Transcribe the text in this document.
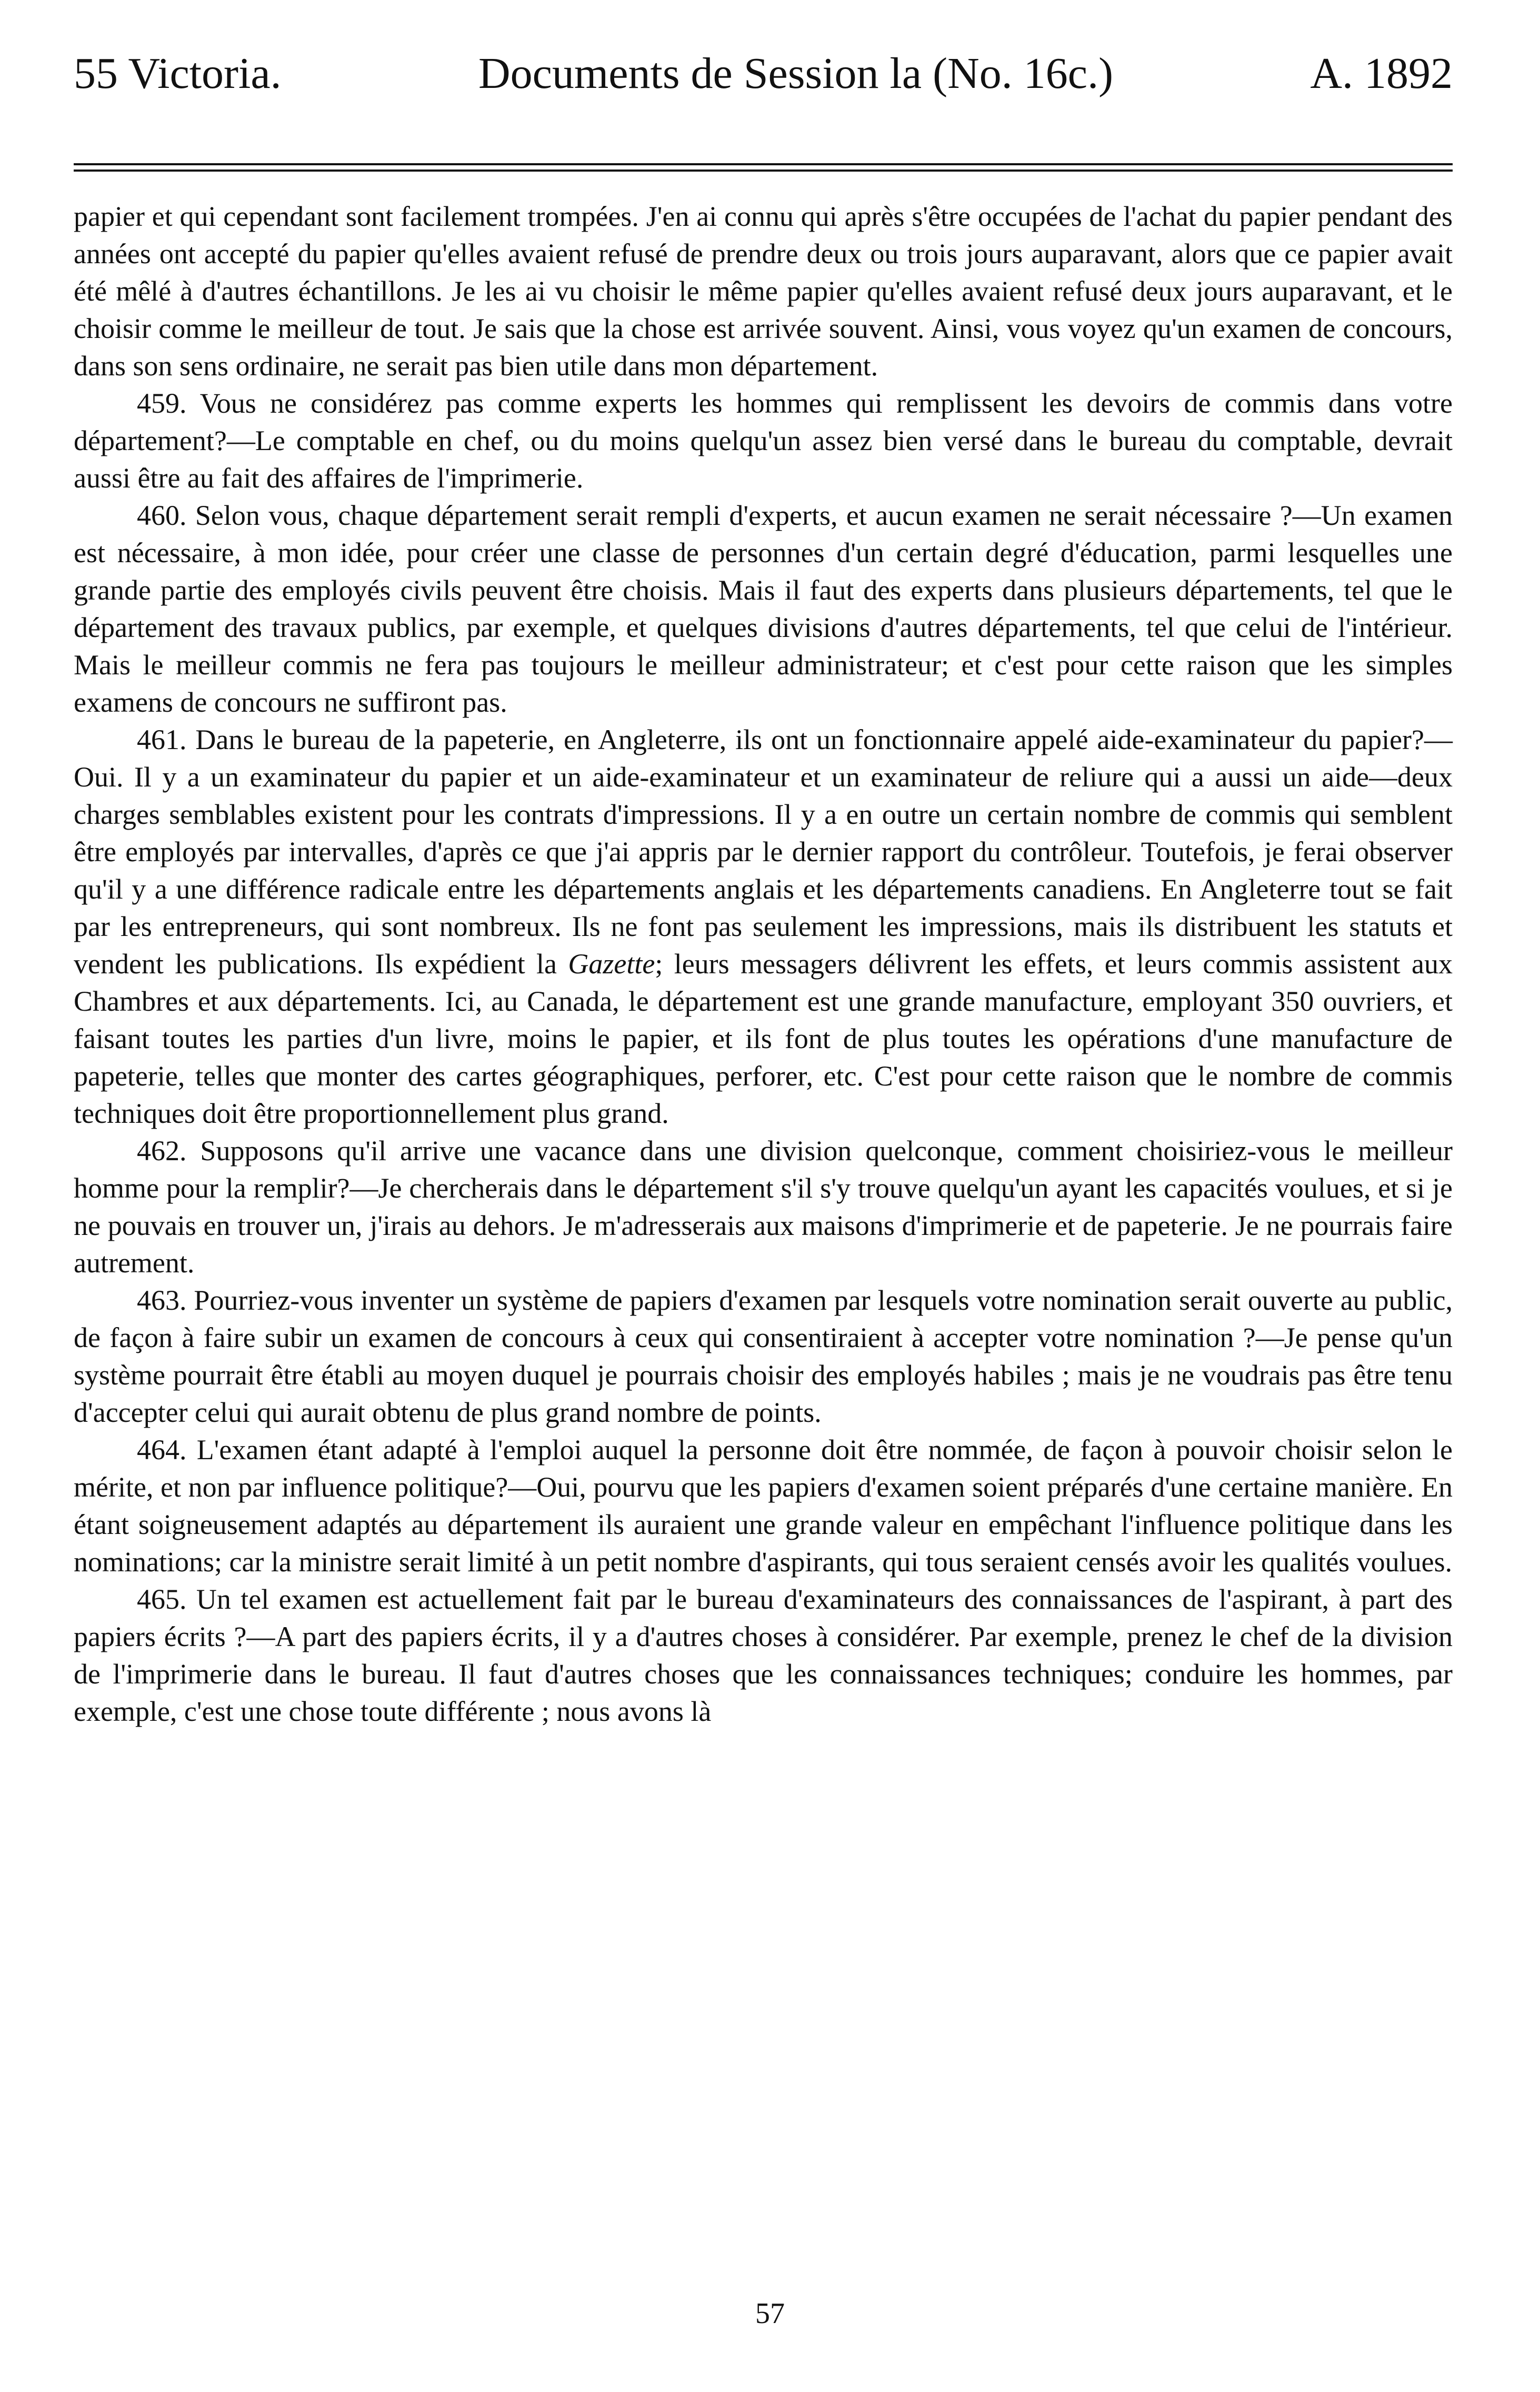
55 Victoria.	Documents de Session la (No. 16c.)	A. 1892

papier et qui cependant sont facilement trompées. J'en ai connu qui après s'être occupées de l'achat du papier pendant des années ont accepté du papier qu'elles avaient refusé de prendre deux ou trois jours auparavant, alors que ce papier avait été mêlé à d'autres échantillons. Je les ai vu choisir le même papier qu'elles avaient refusé deux jours auparavant, et le choisir comme le meilleur de tout. Je sais que la chose est arrivée souvent. Ainsi, vous voyez qu'un examen de concours, dans son sens ordinaire, ne serait pas bien utile dans mon département.

459. Vous ne considérez pas comme experts les hommes qui remplissent les devoirs de commis dans votre département?—Le comptable en chef, ou du moins quelqu'un assez bien versé dans le bureau du comptable, devrait aussi être au fait des affaires de l'imprimerie.

460. Selon vous, chaque département serait rempli d'experts, et aucun examen ne serait nécessaire ?—Un examen est nécessaire, à mon idée, pour créer une classe de personnes d'un certain degré d'éducation, parmi lesquelles une grande partie des employés civils peuvent être choisis. Mais il faut des experts dans plusieurs départements, tel que le département des travaux publics, par exemple, et quelques divisions d'autres départements, tel que celui de l'intérieur. Mais le meilleur commis ne fera pas toujours le meilleur administrateur; et c'est pour cette raison que les simples examens de concours ne suffiront pas.

461. Dans le bureau de la papeterie, en Angleterre, ils ont un fonctionnaire appelé aide-examinateur du papier?—Oui. Il y a un examinateur du papier et un aide-examinateur et un examinateur de reliure qui a aussi un aide—deux charges semblables existent pour les contrats d'impressions. Il y a en outre un certain nombre de commis qui semblent être employés par intervalles, d'après ce que j'ai appris par le dernier rapport du contrôleur. Toutefois, je ferai observer qu'il y a une différence radicale entre les départements anglais et les départements canadiens. En Angleterre tout se fait par les entrepreneurs, qui sont nombreux. Ils ne font pas seulement les impressions, mais ils distribuent les statuts et vendent les publications. Ils expédient la Gazette; leurs messagers délivrent les effets, et leurs commis assistent aux Chambres et aux départements. Ici, au Canada, le département est une grande manufacture, employant 350 ouvriers, et faisant toutes les parties d'un livre, moins le papier, et ils font de plus toutes les opérations d'une manufacture de papeterie, telles que monter des cartes géographiques, perforer, etc. C'est pour cette raison que le nombre de commis techniques doit être proportionnellement plus grand.

462. Supposons qu'il arrive une vacance dans une division quelconque, comment choisiriez-vous le meilleur homme pour la remplir?—Je chercherais dans le département s'il s'y trouve quelqu'un ayant les capacités voulues, et si je ne pouvais en trouver un, j'irais au dehors. Je m'adresserais aux maisons d'imprimerie et de papeterie. Je ne pourrais faire autrement.

463. Pourriez-vous inventer un système de papiers d'examen par lesquels votre nomination serait ouverte au public, de façon à faire subir un examen de concours à ceux qui consentiraient à accepter votre nomination ?—Je pense qu'un système pourrait être établi au moyen duquel je pourrais choisir des employés habiles ; mais je ne voudrais pas être tenu d'accepter celui qui aurait obtenu de plus grand nombre de points.

464. L'examen étant adapté à l'emploi auquel la personne doit être nommée, de façon à pouvoir choisir selon le mérite, et non par influence politique?—Oui, pourvu que les papiers d'examen soient préparés d'une certaine manière. En étant soigneusement adaptés au département ils auraient une grande valeur en empêchant l'influence politique dans les nominations; car la ministre serait limité à un petit nombre d'aspirants, qui tous seraient censés avoir les qualités voulues.

465. Un tel examen est actuellement fait par le bureau d'examinateurs des connaissances de l'aspirant, à part des papiers écrits ?—A part des papiers écrits, il y a d'autres choses à considérer. Par exemple, prenez le chef de la division de l'imprimerie dans le bureau. Il faut d'autres choses que les connaissances techniques; conduire les hommes, par exemple, c'est une chose toute différente ; nous avons là

57
